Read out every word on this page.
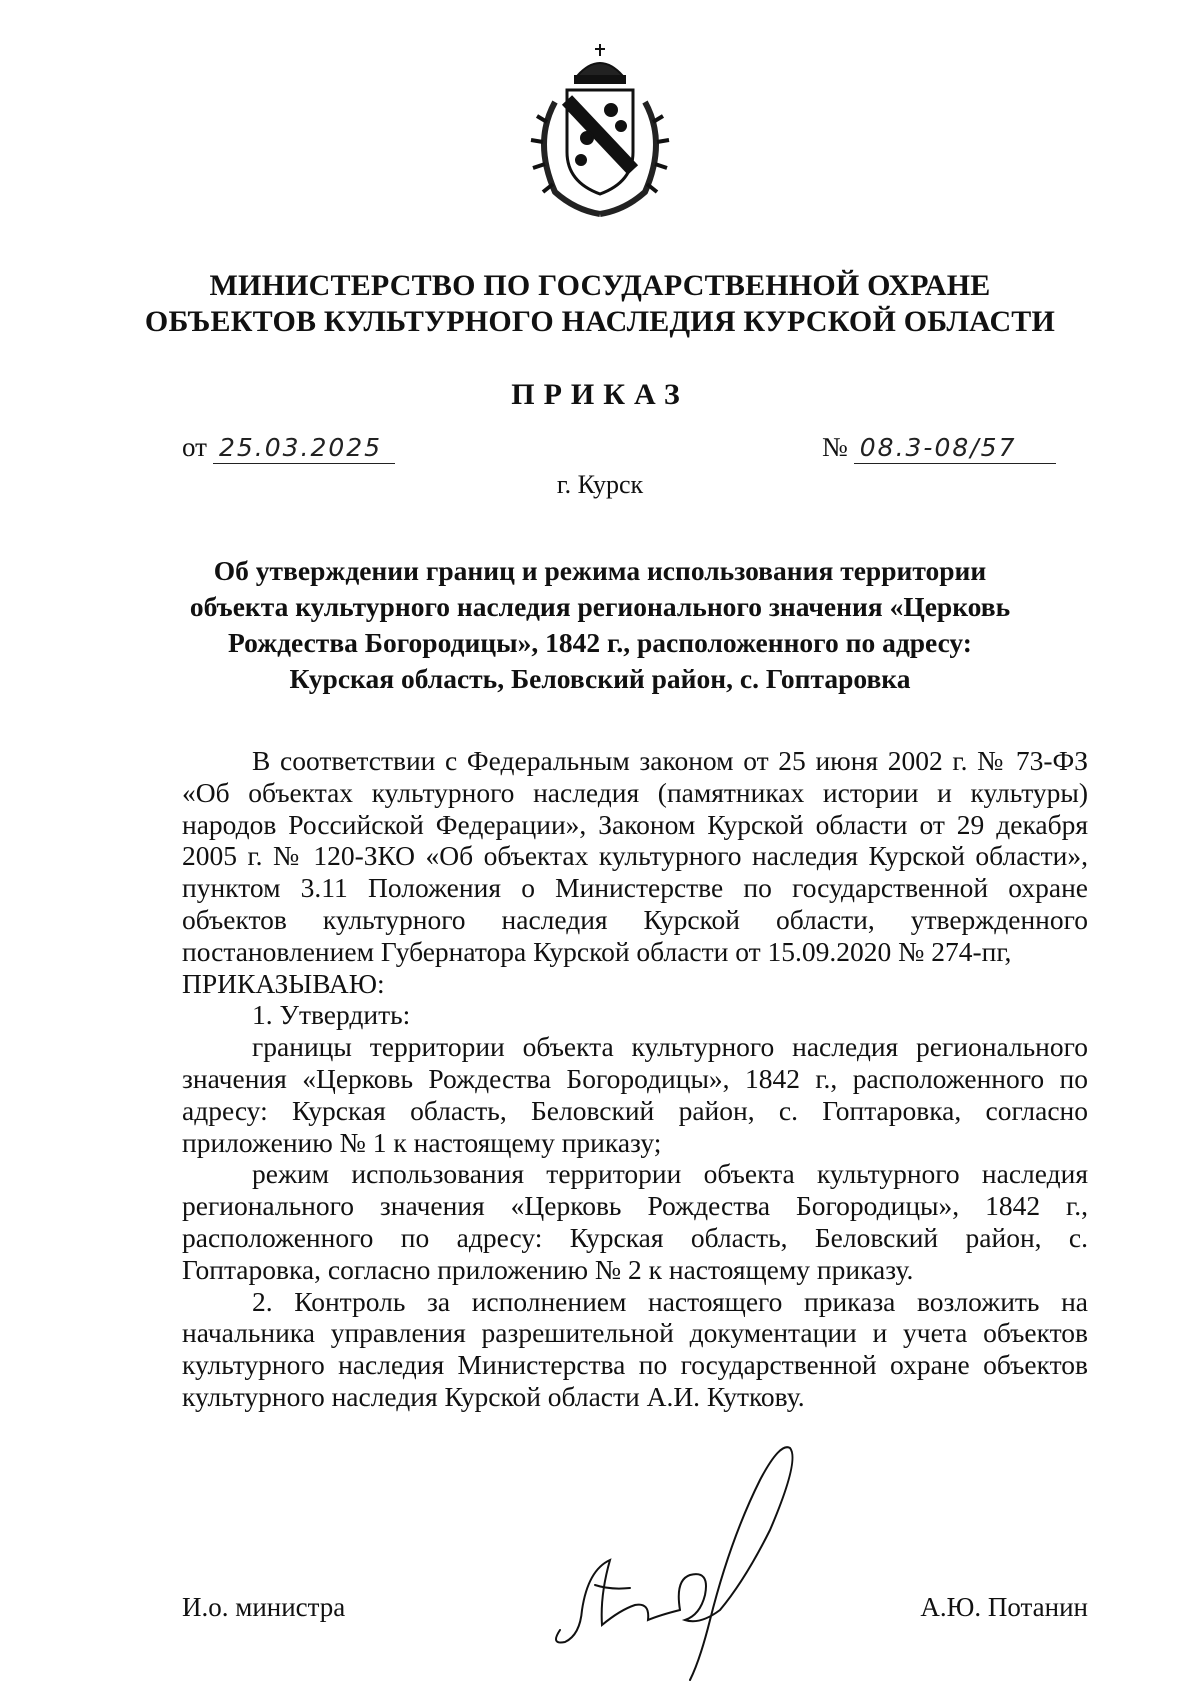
МИНИСТЕРСТВО ПО ГОСУДАРСТВЕННОЙ ОХРАНЕ
ОБЪЕКТОВ КУЛЬТУРНОГО НАСЛЕДИЯ КУРСКОЙ ОБЛАСТИ
ПРИКАЗ
от 25.03.2025	№ 08.3-08/57
г. Курск
Об утверждении границ и режима использования территории
объекта культурного наследия регионального значения «Церковь
Рождества Богородицы», 1842 г., расположенного по адресу:
Курская область, Беловский район, с. Гоптаровка

В соответствии с Федеральным законом от 25 июня 2002 г. № 73-ФЗ «Об объектах культурного наследия (памятниках истории и культуры) народов Российской Федерации», Законом Курской области от 29 декабря 2005 г. № 120-ЗКО «Об объектах культурного наследия Курской области», пунктом 3.11 Положения о Министерстве по государственной охране объектов культурного наследия Курской области, утвержденного постановлением Губернатора Курской области от 15.09.2020 № 274-пг,

ПРИКАЗЫВАЮ:

1. Утвердить:

границы территории объекта культурного наследия регионального значения «Церковь Рождества Богородицы», 1842 г., расположенного по адресу: Курская область, Беловский район, с. Гоптаровка, согласно приложению № 1 к настоящему приказу;

режим использования территории объекта культурного наследия регионального значения «Церковь Рождества Богородицы», 1842 г., расположенного по адресу: Курская область, Беловский район, с. Гоптаровка, согласно приложению № 2 к настоящему приказу.

2. Контроль за исполнением настоящего приказа возложить на начальника управления разрешительной документации и учета объектов культурного наследия Министерства по государственной охране объектов культурного наследия Курской области А.И. Куткову.

И.о. министра	А.Ю. Потанин
